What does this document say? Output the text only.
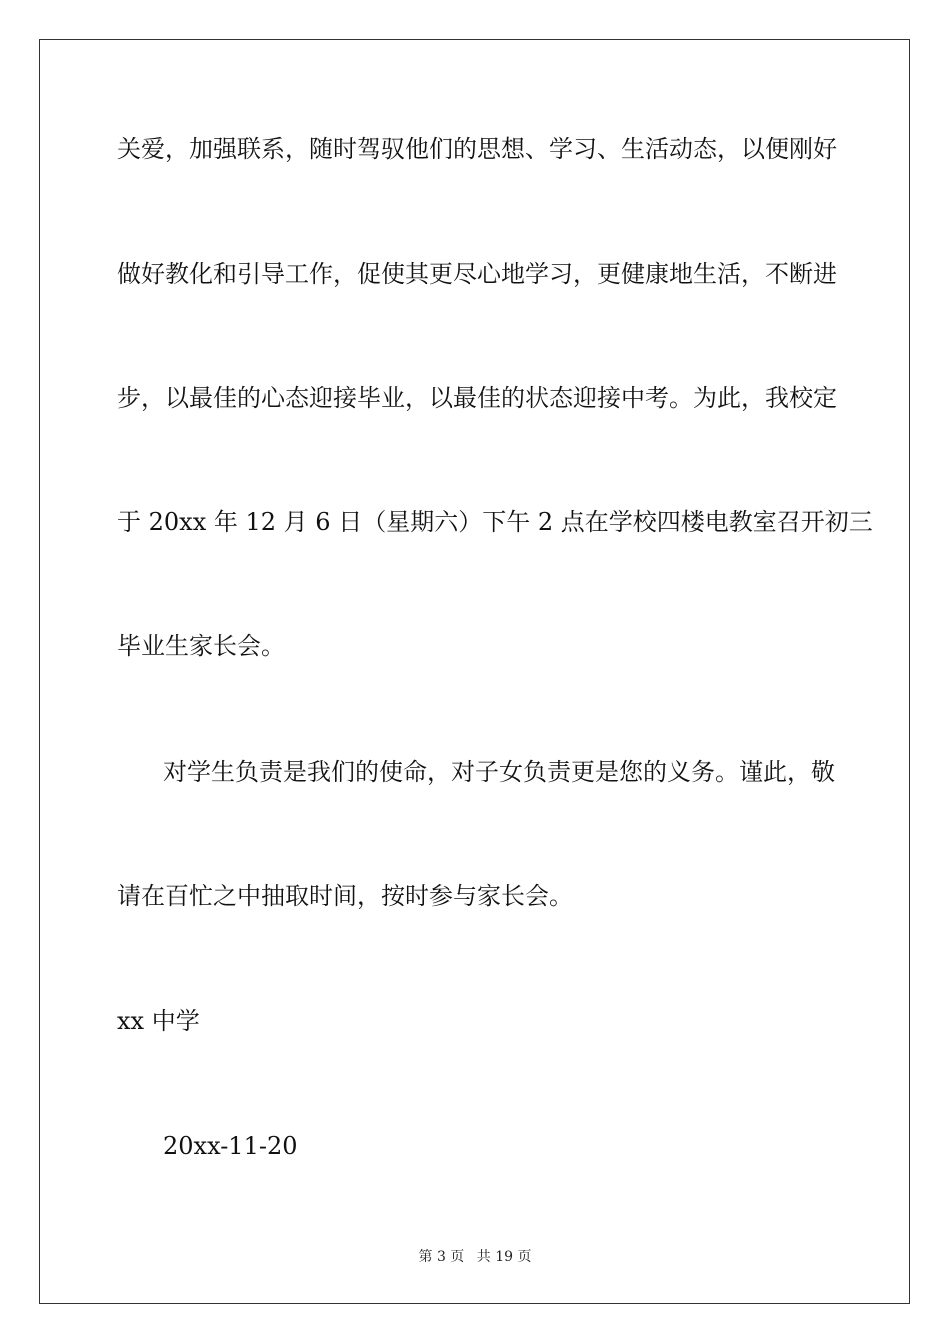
关爱，加强联系，随时驾驭他们的思想、学习、生活动态，以便刚好
做好教化和引导工作，促使其更尽心地学习，更健康地生活，不断进
步，以最佳的心态迎接毕业，以最佳的状态迎接中考。为此，我校定
于 20xx 年 12 月 6 日（星期六）下午 2 点在学校四楼电教室召开初三
毕业生家长会。
对学生负责是我们的使命，对子女负责更是您的义务。谨此，敬
请在百忙之中抽取时间，按时参与家长会。
xx 中学
20xx-11-20
第 3 页 共 19 页
